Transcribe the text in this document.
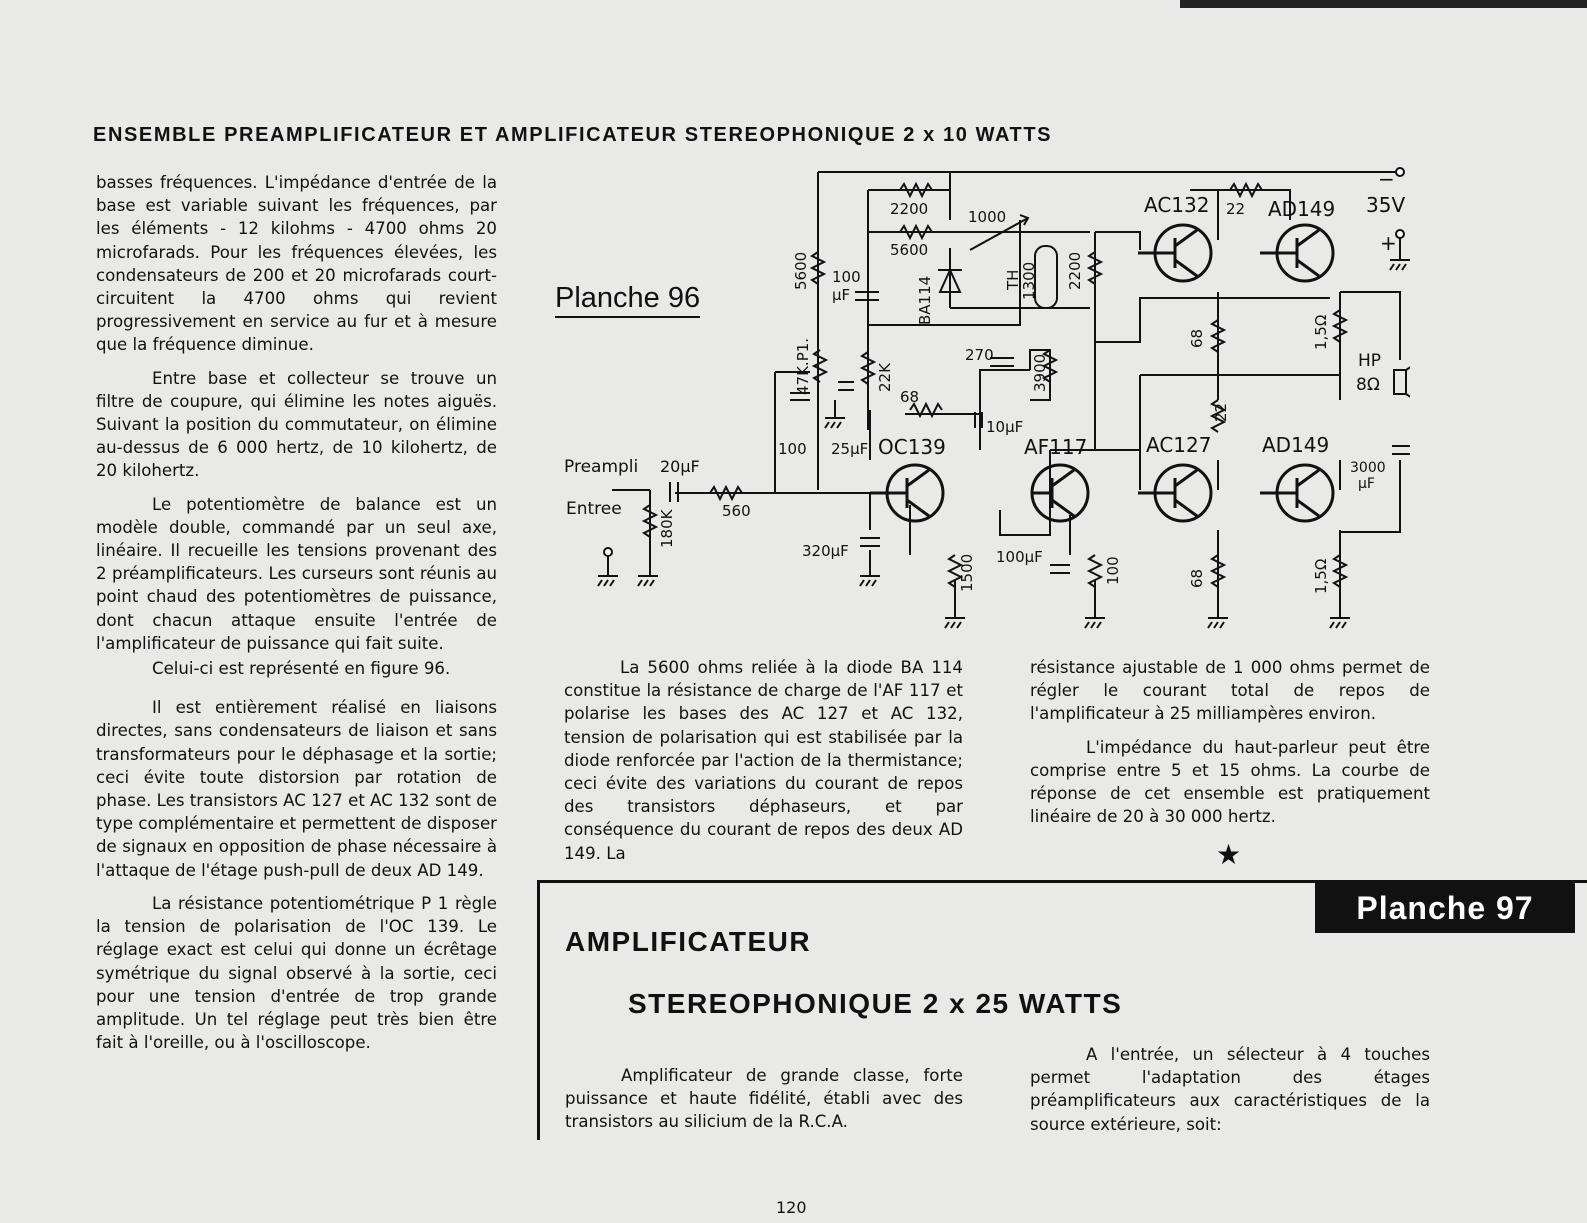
ENSEMBLE PREAMPLIFICATEUR ET AMPLIFICATEUR STEREOPHONIQUE 2 x 10 WATTS

basses fréquences. L'impédance d'entrée de la base est variable suivant les fréquences, par les éléments - 12 kilohms - 4700 ohms 20 microfarads. Pour les fréquences élevées, les condensateurs de 200 et 20 microfarads court-circuitent la 4700 ohms qui revient progressivement en service au fur et à mesure que la fréquence diminue.

Entre base et collecteur se trouve un filtre de coupure, qui élimine les notes aiguës. Suivant la position du commutateur, on élimine au-dessus de 6 000 hertz, de 10 kilohertz, de 20 kilohertz.

Le potentiomètre de balance est un modèle double, commandé par un seul axe, linéaire. Il recueille les tensions provenant des 2 préamplificateurs. Les curseurs sont réunis au point chaud des potentiomètres de puissance, dont chacun attaque ensuite l'entrée de l'amplificateur de puissance qui fait suite.

Celui-ci est représenté en figure 96.

Il est entièrement réalisé en liaisons directes, sans condensateurs de liaison et sans transformateurs pour le déphasage et la sortie; ceci évite toute distorsion par rotation de phase. Les transistors AC 127 et AC 132 sont de type complémentaire et permettent de disposer de signaux en opposition de phase nécessaire à l'attaque de l'étage push-pull de deux AD 149.

La résistance potentiométrique P 1 règle la tension de polarisation de l'OC 139. Le réglage exact est celui qui donne un écrêtage symétrique du signal observé à la sortie, ceci pour une tension d'entrée de trop grande amplitude. Un tel réglage peut très bien être fait à l'oreille, ou à l'oscilloscope.

Planche 96
Preampli
Entree
20µF
560
180K
2200
5600
1000
BA114	TH
1300 2200
5600 100
µF
47K.P1.	22K
270 3900
68
10µF
100 25µF OC139	AF117	AC127	AD149
AC132	AD149
22
22
−
35V
+
68	1,5Ω
HP
8Ω
3000
µF
320µF
1500 100µF	100	68	1,5Ω

La 5600 ohms reliée à la diode BA 114 constitue la résistance de charge de l'AF 117 et polarise les bases des AC 127 et AC 132, tension de polarisation qui est stabilisée par la diode renforcée par l'action de la thermistance; ceci évite des variations du courant de repos des transistors déphaseurs, et par conséquence du courant de repos des deux AD 149. La

résistance ajustable de 1 000 ohms permet de régler le courant total de repos de l'amplificateur à 25 milliampères environ.

L'impédance du haut-parleur peut être comprise entre 5 et 15 ohms. La courbe de réponse de cet ensemble est pratiquement linéaire de 20 à 30 000 hertz.

★
Planche 97
AMPLIFICATEUR
STEREOPHONIQUE 2 x 25 WATTS

Amplificateur de grande classe, forte puissance et haute fidélité, établi avec des transistors au silicium de la R.C.A.

A l'entrée, un sélecteur à 4 touches permet l'adaptation des étages préamplificateurs aux caractéristiques de la source extérieure, soit:

120
